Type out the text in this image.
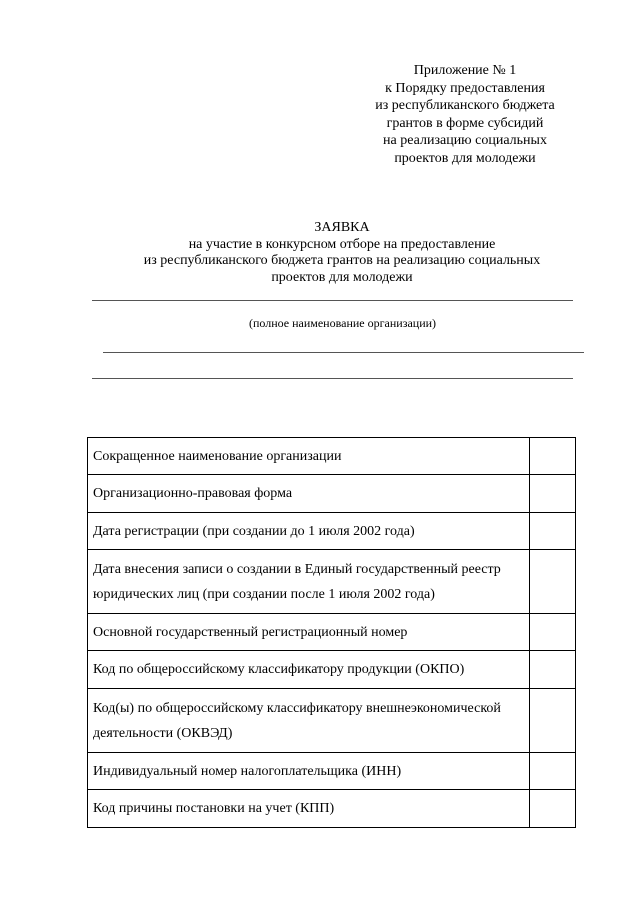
Приложение № 1
к Порядку предоставления
из республиканского бюджета
грантов в форме субсидий
на реализацию социальных
проектов для молодежи
ЗАЯВКА
на участие в конкурсном отборе на предоставление
из республиканского бюджета грантов на реализацию социальных
проектов для молодежи
(полное наименование организации)
Сокращенное наименование организации	
Организационно-правовая форма	
Дата регистрации (при создании до 1 июля 2002 года)	
Дата внесения записи о создании в Единый государственный реестр юридических лиц (при создании после 1 июля 2002 года)	
Основной государственный регистрационный номер	
Код по общероссийскому классификатору продукции (ОКПО)	
Код(ы) по общероссийскому классификатору внешнеэкономической деятельности (ОКВЭД)	
Индивидуальный номер налогоплательщика (ИНН)	
Код причины постановки на учет (КПП)	
